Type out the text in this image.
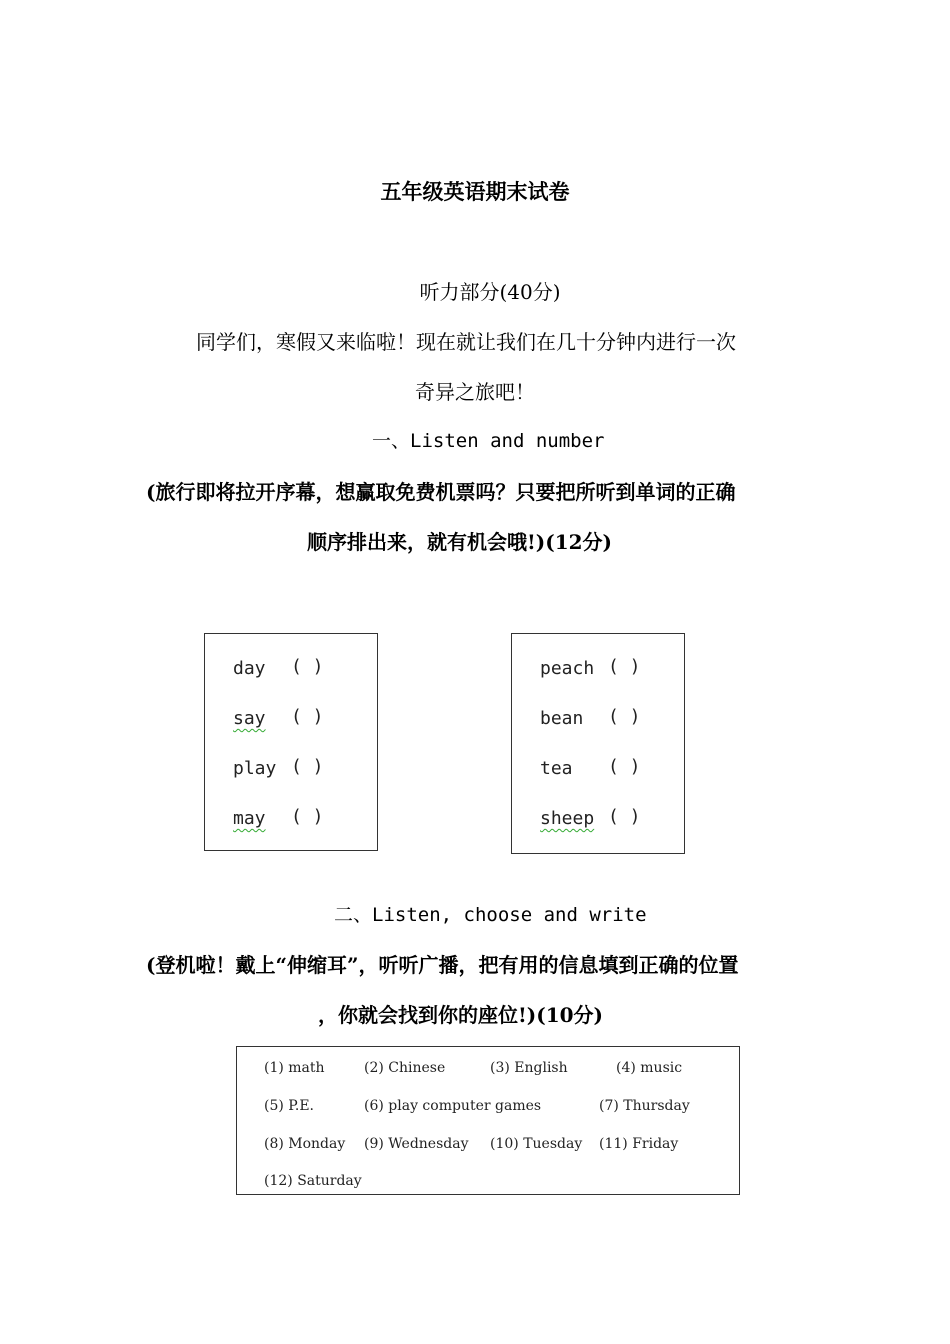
五年级英语期末试卷
听力部分(40分)
同学们，寒假又来临啦！现在就让我们在几十分钟内进行一次
奇异之旅吧！
一、Listen and number
(旅行即将拉开序幕，想赢取免费机票吗？只要把所听到单词的正确
顺序排出来，就有机会哦!)(12分)
day ( )
say ( )
play ( )
may ( )
peach ( )
bean ( )
tea ( )
sheep ( )
二、Listen, choose and write
(登机啦！戴上“伸缩耳”，听听广播，把有用的信息填到正确的位置
，你就会找到你的座位!)(10分)
(1) math	(2) Chinese	(3) English	(4) music
(5) P.E.	(6) play computer games	(7) Thursday
(8) Monday (9) Wednesday (10) Tuesday (11) Friday
(12) Saturday
